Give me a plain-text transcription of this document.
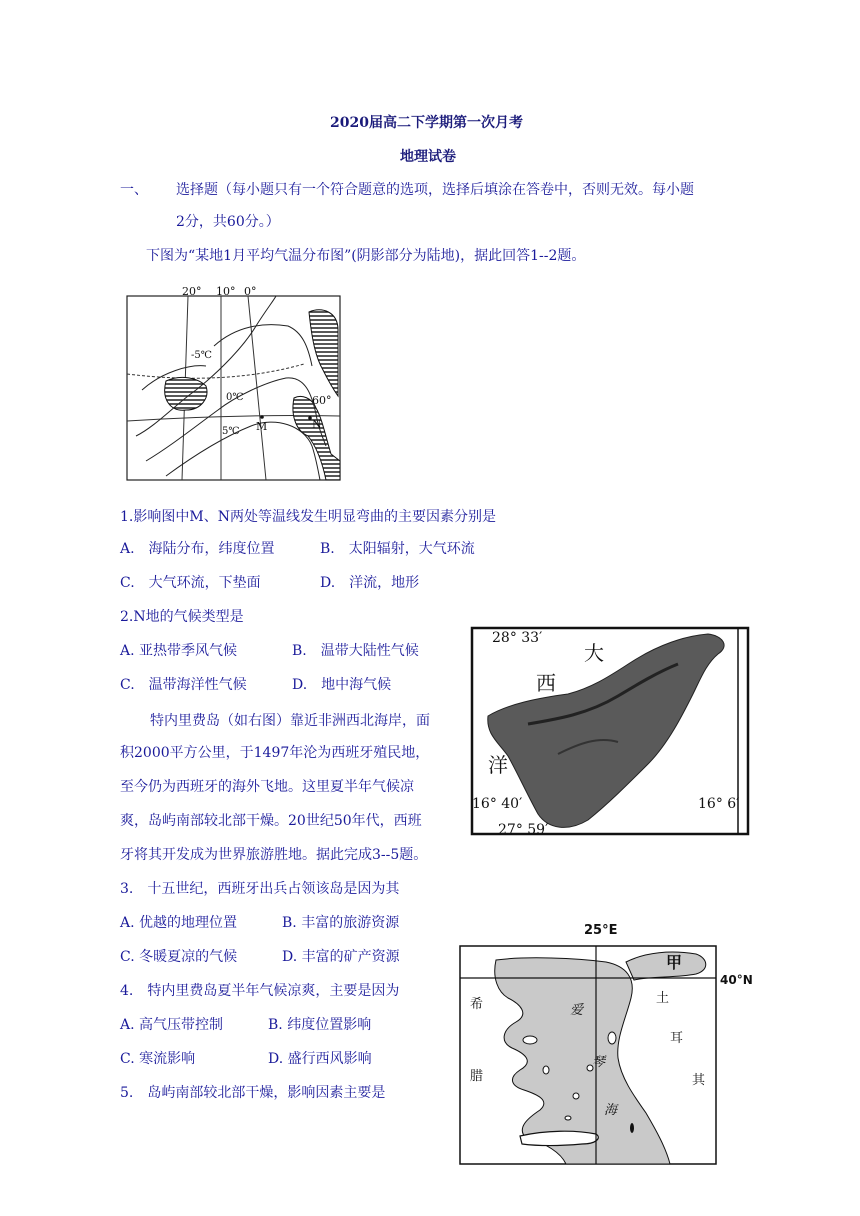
2020届高二下学期第一次月考
地理试卷
一、 选择题（每小题只有一个符合题意的选项，选择后填涂在答卷中，否则无效。每小题
2分，共60分。）
下图为“某地1月平均气温分布图”(阴影部分为陆地)，据此回答1--2题。
20° 10° 0°
-5℃
0℃
5℃
60°
M	N
1.影响图中M、N两处等温线发生明显弯曲的主要因素分别是
A.　海陆分布，纬度位置	B.　太阳辐射，大气环流
C.　大气环流，下垫面	D.　洋流，地形
2.N地的气候类型是
A. 亚热带季风气候	B.　温带大陆性气候
C.　温带海洋性气候	D.　地中海气候
特内里费岛（如右图）靠近非洲西北海岸，面
积2000平方公里，于1497年沦为西班牙殖民地，
至今仍为西班牙的海外飞地。这里夏半年气候凉
爽，岛屿南部较北部干燥。20世纪50年代，西班
牙将其开发成为世界旅游胜地。据此完成3--5题。
28° 33′
16° 40′	16° 6′
27° 59′
大
西
洋
3.　十五世纪，西班牙出兵占领该岛是因为其
A. 优越的地理位置	B. 丰富的旅游资源
C. 冬暖夏凉的气候	D. 丰富的矿产资源
4.　特内里费岛夏半年气候凉爽，主要是因为
A. 高气压带控制	B. 纬度位置影响
C. 寒流影响	D. 盛行西风影响
5.　岛屿南部较北部干燥，影响因素主要是
25°E
40°N
甲
希
腊
爱
琴
海
土
耳
其
